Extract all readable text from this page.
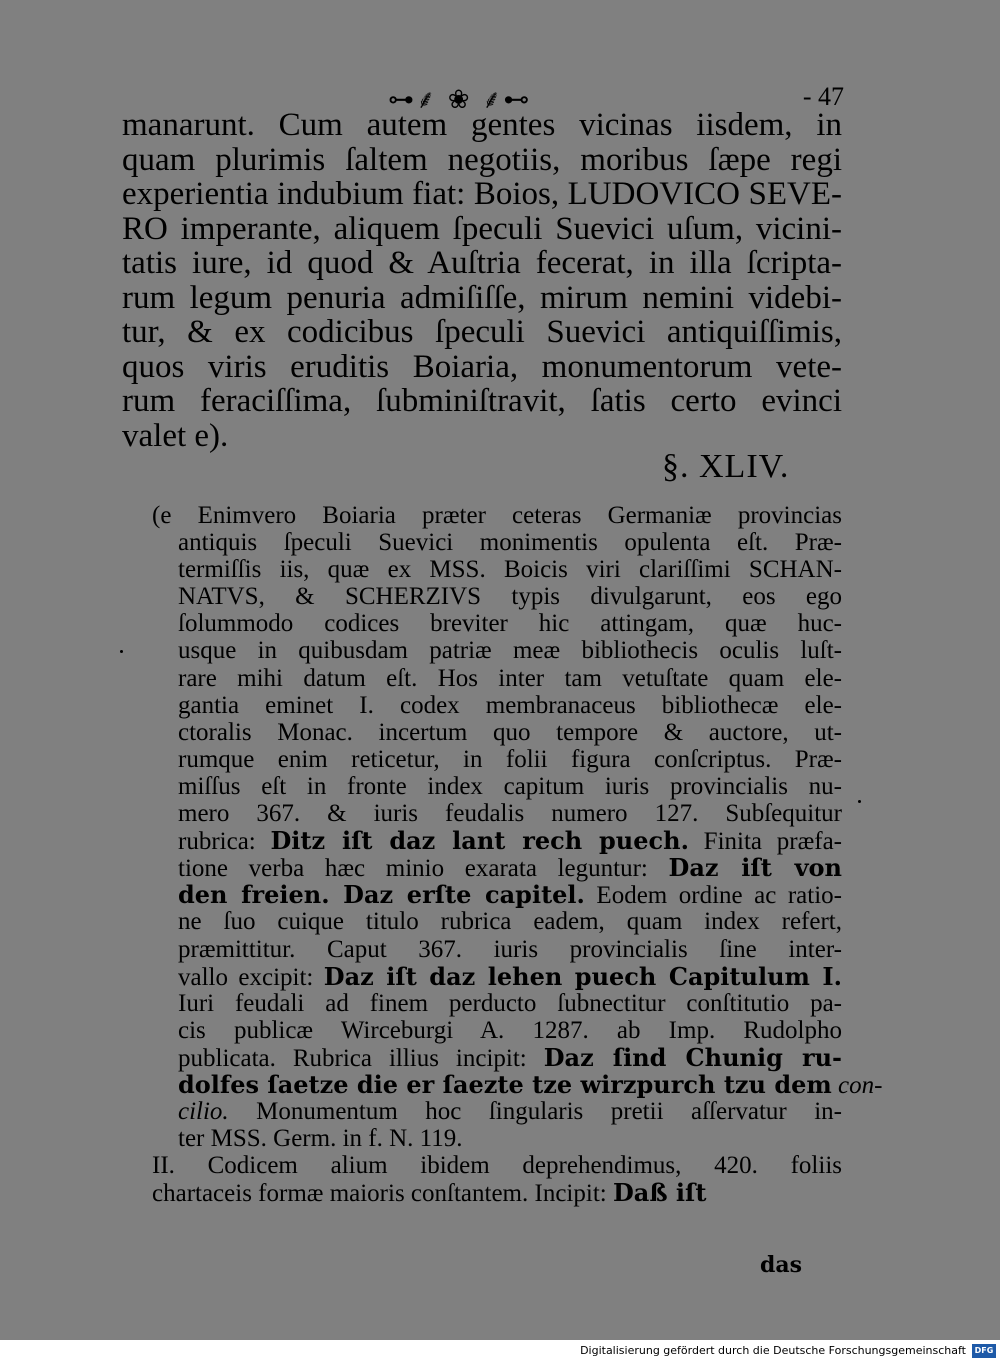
⊶⸙ ❀ ⸙⊷	- 47
manarunt. Cum autem gentes vicinas iisdem, in
quam plurimis ſaltem negotiis, moribus ſæpe regi
experientia indubium fiat: Boios, LUDOVICO SEVE-
RO imperante, aliquem ſpeculi Suevici uſum, vicini-
tatis iure, id quod & Auſtria fecerat, in illa ſcripta-
rum legum penuria admiſiſſe, mirum nemini videbi-
tur, & ex codicibus ſpeculi Suevici antiquiſſimis,
quos viris eruditis Boiaria, monumentorum vete-
rum feraciſſima, ſubminiſtravit, ſatis certo evinci
valet e).
§. XLIV.
(e Enimvero Boiaria præter ceteras Germaniæ provincias
antiquis ſpeculi Suevici monimentis opulenta eſt. Præ-
termiſſis iis, quæ ex MSS. Boicis viri clariſſimi SCHAN-
NATVS, & SCHERZIVS typis divulgarunt, eos ego
ſolummodo codices breviter hic attingam, quæ huc-
usque in quibusdam patriæ meæ bibliothecis oculis luſt-
rare mihi datum eſt. Hos inter tam vetuſtate quam ele-
gantia eminet I. codex membranaceus bibliothecæ ele-
ctoralis Monac. incertum quo tempore & auctore, ut-
rumque enim reticetur, in folii figura conſcriptus. Præ-
miſſus eſt in fronte index capitum iuris provincialis nu-
mero 367. & iuris feudalis numero 127. Subſequitur
rubrica: Ditz iſt daz lant rech puech. Finita præfa-
tione verba hæc minio exarata leguntur: Daz iſt von
den freien. Daz erſte capitel. Eodem ordine ac ratio-
ne ſuo cuique titulo rubrica eadem, quam index refert,
præmittitur. Caput 367. iuris provincialis ſine inter-
vallo excipit: Daz iſt daz lehen puech Capitulum I.
Iuri feudali ad finem perducto ſubnectitur conſtitutio pa-
cis publicæ Wirceburgi A. 1287. ab Imp. Rudolpho
publicata. Rubrica illius incipit: Daz ſind Chunig ru-
dolfes ſaetze die er ſaezte tze wirzpurch tzu dem con-
cilio. Monumentum hoc ſingularis pretii aſſervatur in-
ter MSS. Germ. in f. N. 119.
II. Codicem alium ibidem deprehendimus, 420. foliis
chartaceis formæ maioris conſtantem. Incipit: Daß iſt
das
Digitalisierung gefördert durch die Deutsche Forschungsgemeinschaft	DFG
